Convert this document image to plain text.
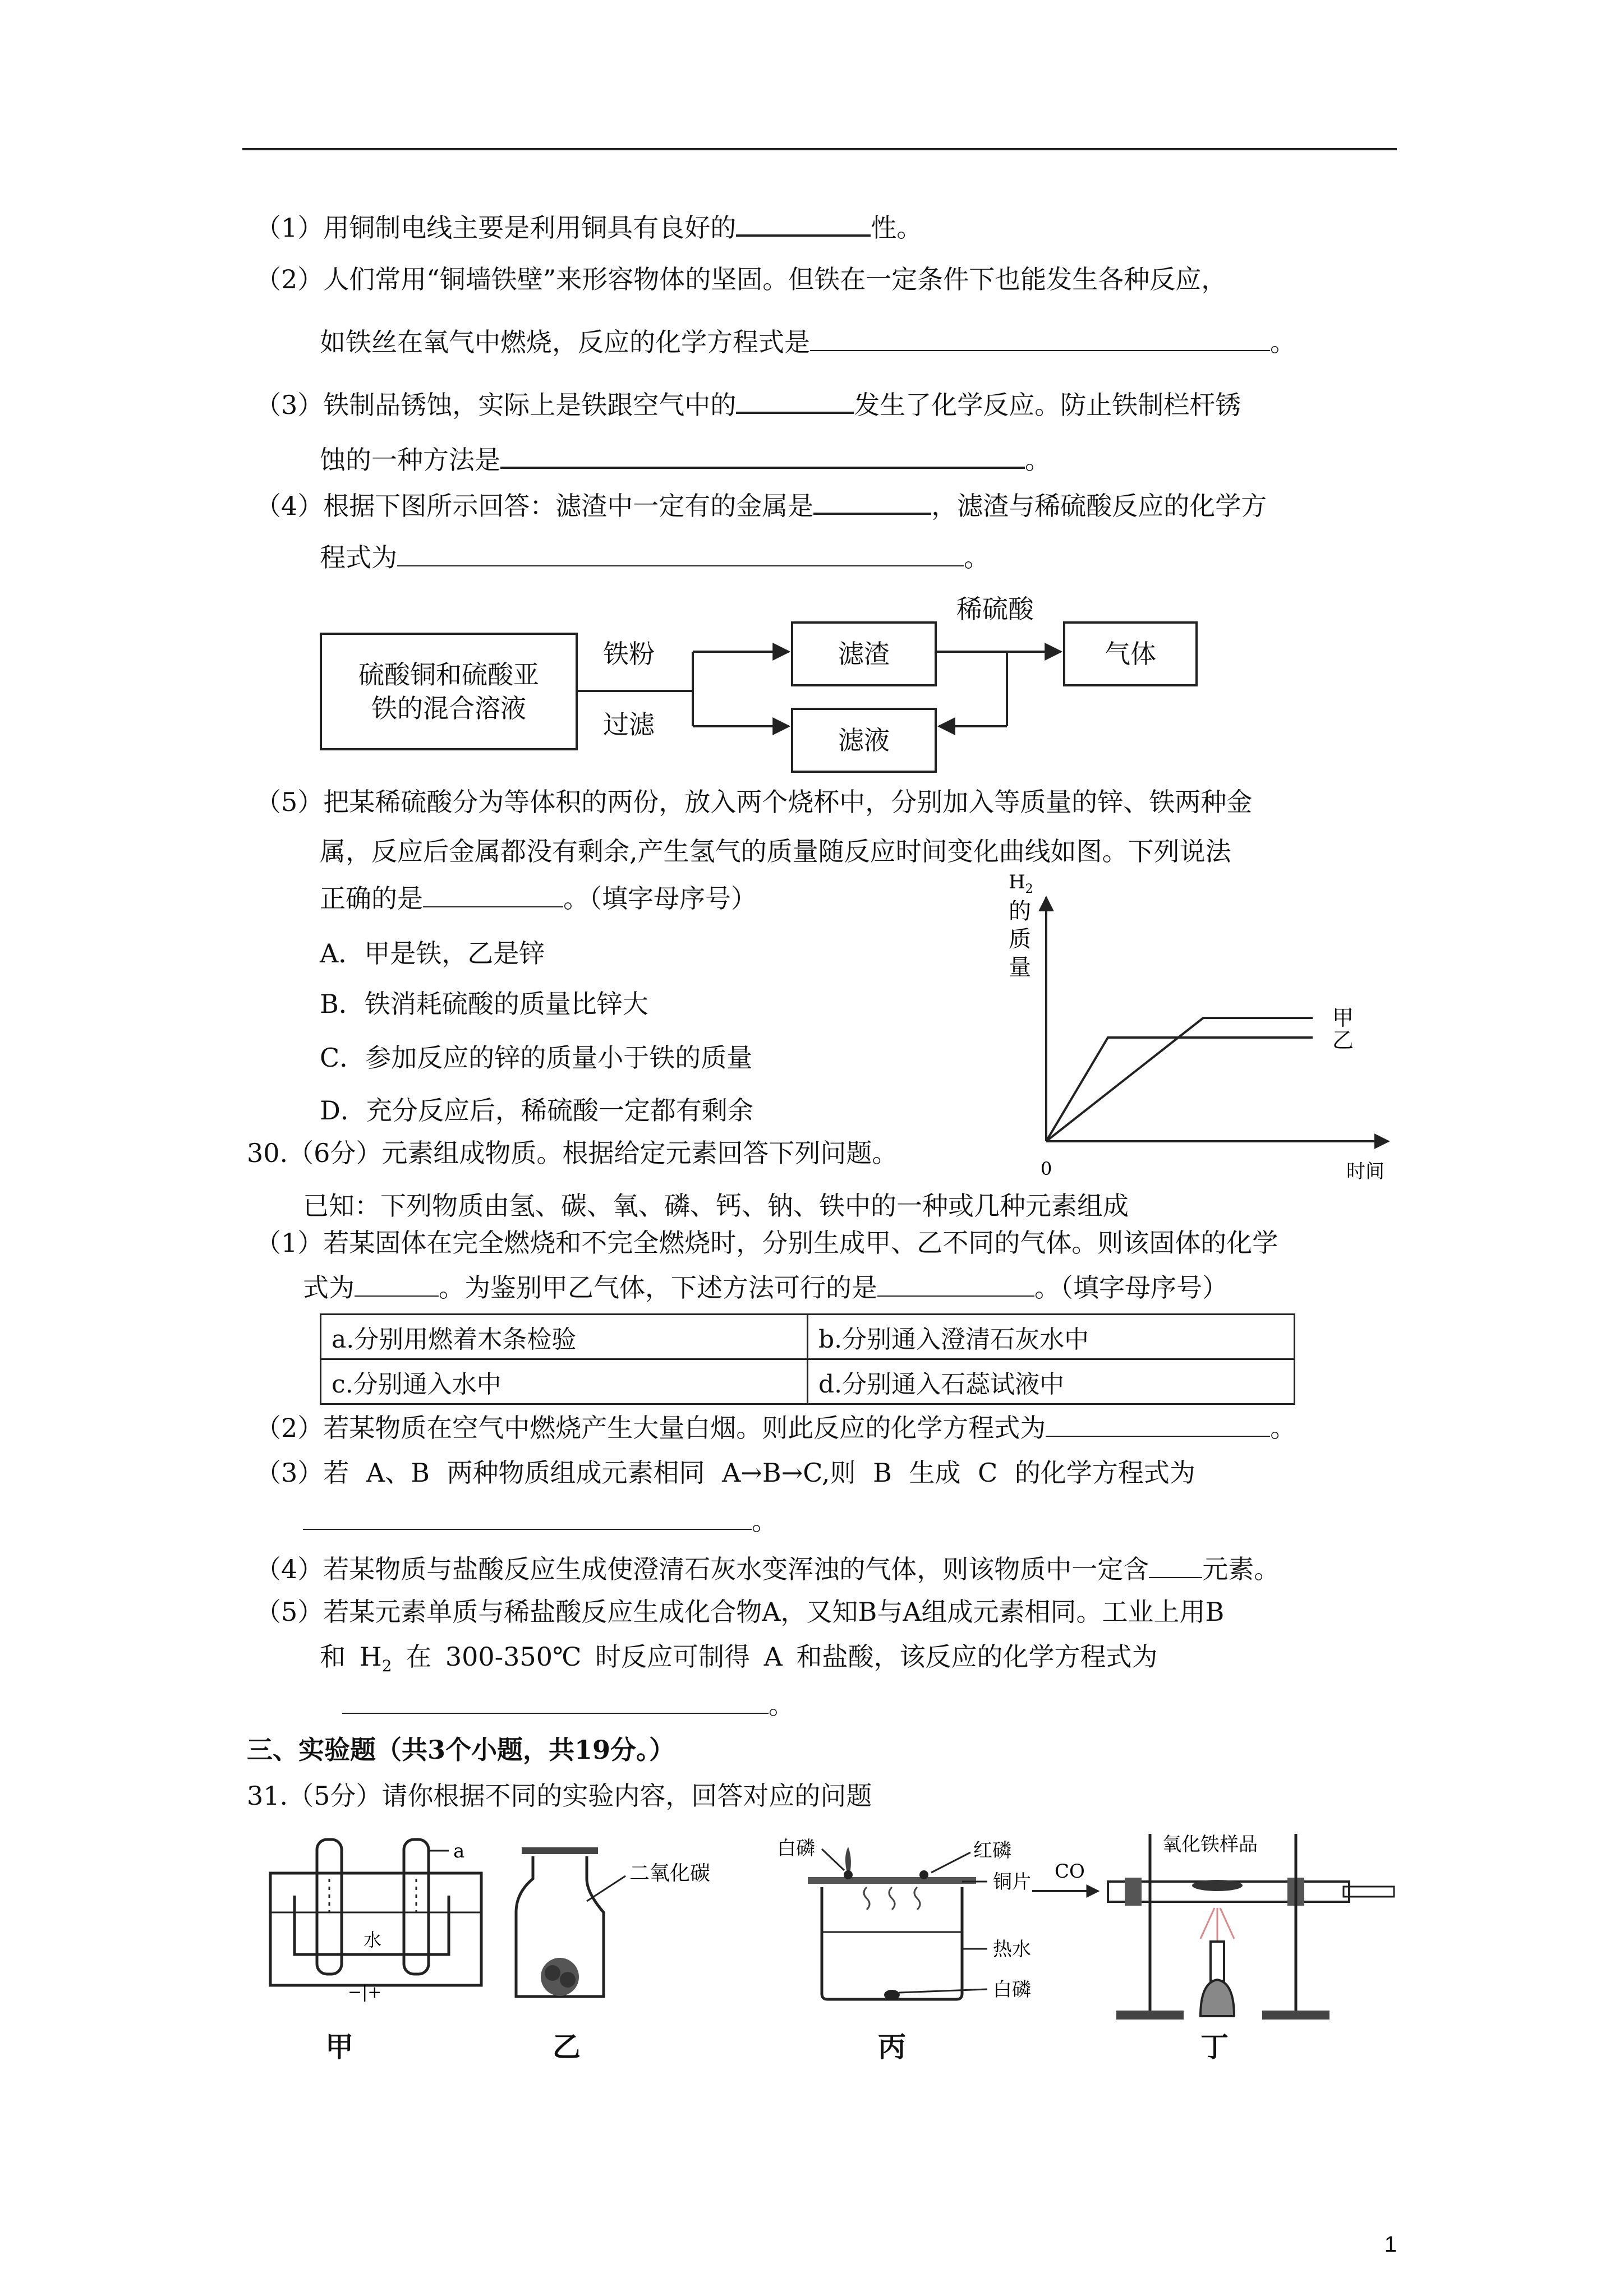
（1）用铜制电线主要是利用铜具有良好的	性。
（2）人们常用“铜墙铁壁”来形容物体的坚固。但铁在一定条件下也能发生各种反应，
如铁丝在氧气中燃烧，反应的化学方程式是	。
（3）铁制品锈蚀，实际上是铁跟空气中的	发生了化学反应。防止铁制栏杆锈
蚀的一种方法是	。
（4）根据下图所示回答：滤渣中一定有的金属是	，滤渣与稀硫酸反应的化学方
程式为	。
硫酸铜和硫酸亚
铁的混合溶液
滤渣
滤液
气体
铁粉
过滤
稀硫酸
（5）把某稀硫酸分为等体积的两份，放入两个烧杯中，分别加入等质量的锌、铁两种金
属，反应后金属都没有剩余,产生氢气的质量随反应时间变化曲线如图。下列说法
正确的是	。（填字母序号）
A．甲是铁，乙是锌
B．铁消耗硫酸的质量比锌大
C．参加反应的锌的质量小于铁的质量
D．充分反应后，稀硫酸一定都有剩余
$H_2$
的
质
量
0	时间
甲
乙
30.（6分）元素组成物质。根据给定元素回答下列问题。
已知：下列物质由氢、碳、氧、磷、钙、钠、铁中的一种或几种元素组成
（1）若某固体在完全燃烧和不完全燃烧时，分别生成甲、乙不同的气体。则该固体的化学
式为	。为鉴别甲乙气体，下述方法可行的是	。（填字母序号）
a.分别用燃着木条检验	b.分别通入澄清石灰水中
c.分别通入水中	d.分别通入石蕊试液中
（2）若某物质在空气中燃烧产生大量白烟。则此反应的化学方程式为	。
（3）若 A、B 两种物质组成元素相同 A→B→C,则 B 生成 C 的化学方程式为
。
（4）若某物质与盐酸反应生成使澄清石灰水变浑浊的气体，则该物质中一定含 元素。
（5）若某元素单质与稀盐酸反应生成化合物A，又知B与A组成元素相同。工业上用B
和 $H_2$ 在 300-350℃ 时反应可制得 A 和盐酸，该反应的化学方程式为
。
三、实验题（共3个小题，共19分。）
31.（5分）请你根据不同的实验内容，回答对应的问题
a
水
−|+
甲
二氧化碳
乙
白磷	红磷
铜片
热水
白磷
丙
CO
氧化铁样品
丁
1
